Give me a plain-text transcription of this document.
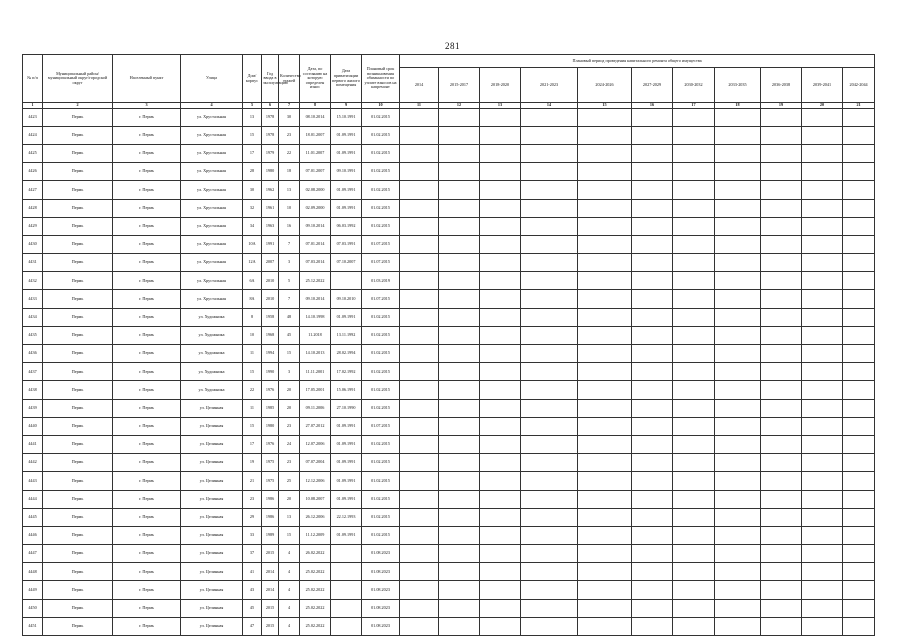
281
№ п/п	Муниципальный район/ муниципальный округ/городской округ	Населенный пункт	Улица	Дом/ корпус	Год ввода в эксплуатацию	Количество этажей	Дата, по состоянию на которую определен износ	Дата приватизации первого жилого помещения	Плановый срок возникновения обязанности по уплате взносов на капремонт	Плановый период проведения капитального ремонта общего имущества										
										2014	2015-2017	2018-2020	2021-2023	2024-2026	2027-2029	2030-2032	2033-2035	2036-2038	2039-2041	2042-2044
1	2	3	4	5	6	7	8	9	10	11	12	13	14	15	16	17	18	19	20	21
4423	Пермь	г. Пермь	ул. Хрустальная	13	1978	30	08.10.2014	15.10.1991	01.02.2015											
4424	Пермь	г. Пермь	ул. Хрустальная	15	1978	23	18.01.2007	01.09.1991	01.02.2015											
4425	Пермь	г. Пермь	ул. Хрустальная	17	1979	22	11.01.2007	01.09.1991	01.02.2015											
4426	Пермь	г. Пермь	ул. Хрустальная	28	1980	18	07.01.2007	09.10.1991	01.02.2015											
4427	Пермь	г. Пермь	ул. Хрустальная	30	1962	13	02.08.2000	01.09.1991	01.02.2015											
4428	Пермь	г. Пермь	ул. Хрустальная	32	1961	10	02.09.2000	01.09.1991	01.02.2015											
4429	Пермь	г. Пермь	ул. Хрустальная	34	1963	16	09.10.2014	06.03.1992	01.02.2015											
4430	Пермь	г. Пермь	ул. Хрустальная	10А	1991	7	07.01.2014	07.03.1991	01.07.2015											
4431	Пермь	г. Пермь	ул. Хрустальная	12А	2007	3	07.03.2014	07.10.2007	01.07.2015											
4432	Пермь	г. Пермь	ул. Хрустальная	6А	2010	5	25.12.2022		01.03.2019											
4433	Пермь	г. Пермь	ул. Хрустальная	8А	2010	7	09.10.2014	09.10.2010	01.07.2015											
4434	Пермь	г. Пермь	ул. Художника	8	1958	48	14.10.1998	01.09.1991	01.02.2015											
4435	Пермь	г. Пермь	ул. Художника	10	1968	45	11.2018	13.11.1992	01.02.2015											
4436	Пермь	г. Пермь	ул. Художника	11	1994	15	14.10.2013	28.02.1994	01.02.2015											
4437	Пермь	г. Пермь	ул. Художника	15	1990	3	11.11.2001	17.02.1992	01.02.2015											
4438	Пермь	г. Пермь	ул. Художника	22	1976	20	17.05.2001	15.06.1991	01.02.2015											
4439	Пермь	г. Пермь	ул. Целинная	11	1985	20	09.11.2006	27.10.1990	01.02.2015											
4440	Пермь	г. Пермь	ул. Целинная	15	1980	23	27.07.2012	01.09.1991	01.07.2015											
4441	Пермь	г. Пермь	ул. Целинная	17	1976	24	12.07.2006	01.09.1991	01.02.2015											
4442	Пермь	г. Пермь	ул. Целинная	19	1975	23	07.07.2004	01.09.1991	01.02.2015											
4443	Пермь	г. Пермь	ул. Целинная	21	1975	25	12.12.2006	01.09.1991	01.02.2015											
4444	Пермь	г. Пермь	ул. Целинная	23	1986	20	10.08.2007	01.09.1991	01.02.2015											
4445	Пермь	г. Пермь	ул. Целинная	29	1986	13	26.12.2006	22.12.1993	01.02.2015											
4446	Пермь	г. Пермь	ул. Целинная	33	1989	15	11.12.2009	01.09.1991	01.02.2015											
4447	Пермь	г. Пермь	ул. Целинная	37	2015	4	26.02.2022		01.08.2023											
4448	Пермь	г. Пермь	ул. Целинная	41	2014	4	25.02.2022		01.08.2023											
4449	Пермь	г. Пермь	ул. Целинная	43	2014	4	25.02.2022		01.08.2023											
4450	Пермь	г. Пермь	ул. Целинная	45	2015	4	25.02.2022		01.08.2023											
4451	Пермь	г. Пермь	ул. Целинная	47	2015	4	25.02.2022		01.08.2023											
